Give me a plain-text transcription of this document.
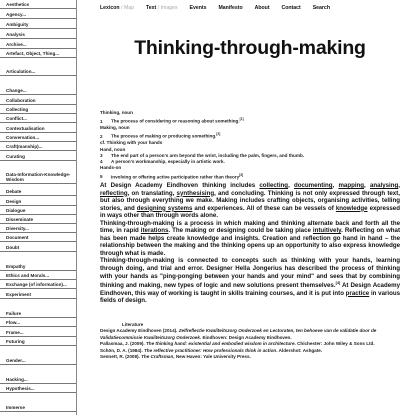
Aesthetics
Agency...
Ambiguity
Analysis
Archive...
Artefact, Object, Thing...
Articulation...
Change...
Collaboration
Collecting
Conflict...
Contextualisation
Conversation...
Craft(manship)...
Curating
Data-Information-Knowledge-Wisdom
Debate
Design
Dialogue
Disseminate
Diversity...
Document
Doubt
Empathy
Ethics and Morals...
Exchange (of information)...
Experiment
Failure
Flow...
Frame...
Futuring
Gender...
Hacking...
Hypothesis...
Immerse
Lexicon / Map Text / Images Events Manifesto About Contact Search
Thinking-through-making
Thinking, noun
1 The process of considering or reasoning about something.[1]
Making, noun
2 The process of making or producing something.[2]
cf. Thinking with your hands
Hand, noun
3 The end part of a person's arm beyond the wrist, including the palm, fingers, and thumb.
4 A person's workmanship, especially in artistic work.
Hands-on
5 Involving or offering active participation rather than theory[3]

At Design Academy Eindhoven thinking includes collecting, documenting, mapping, analysing, reflecting, on translating, synthesising, and concluding. Thinking is not only expressed through text, but also through everything we make. Making includes crafting objects, organising activities, telling stories, and designing systems and experiences. All of these can be vessels of knowledge expressed in ways other than through words alone.

Thinking-through-making is a process in which making and thinking alternate back and forth all the time, in rapid iterations. The making or designing could be taking place intuitively. Reflecting on what has been made helps create knowledge and insights. Creation and reflection go hand in hand – the relationship between the making and the thinking opens up an opportunity to also express knowledge through what is made.

Thinking-through-making is connected to concepts such as thinking with your hands, learning through doing, and trial and error. Designer Hella Jongerius has described the process of thinking with your hands as "ping-ponging between your hands and your mind" and sees that by combining thinking and making, new types of logic and new solutions present themselves.[4] At Design Academy Eindhoven, this way of working is taught in skills training courses, and it is put into practice in various fields of design.

Literature
Design Academy Eindhoven (2014). Zelfreflectie Kwaliteitszorg Onderzoek en Lectoraten, ten behoeve van de validatie door de Validatiecommissie Kwaliteitszorg Onderzoek. Eindhoven: Design Academy Eindhoven.
Pallasmaa, J. (2009). The thinking hand: existential and embodied wisdom in architecture. Chichester: John Wiley & Sons Ltd.
Schön, D. A. (1984). The reflective practitioner: How professionals think in action. Aldershot: Ashgate.
Sennett, R. (2008). The Craftsman, New Haven: Yale University Press.
